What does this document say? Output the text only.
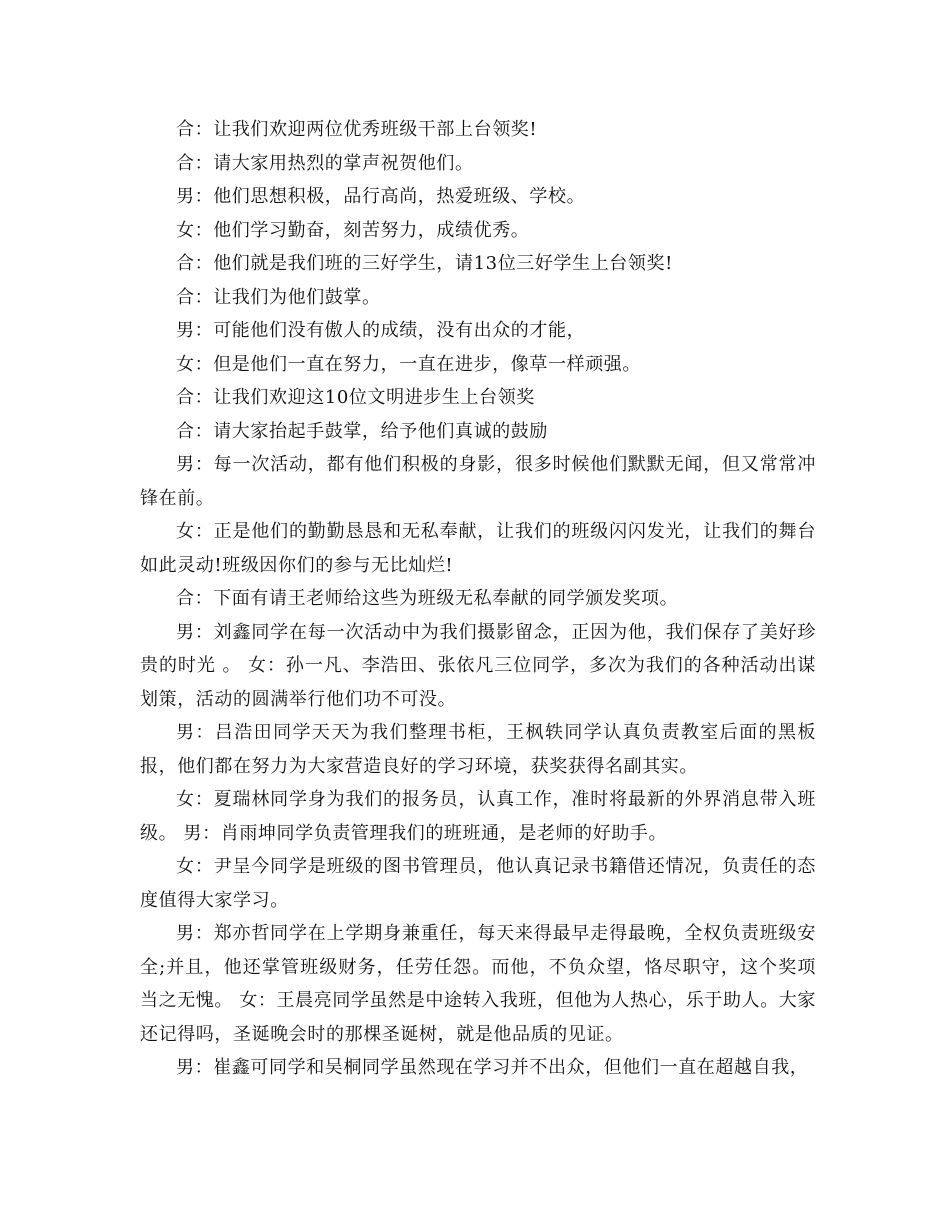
合：让我们欢迎两位优秀班级干部上台领奖!

合：请大家用热烈的掌声祝贺他们。

男：他们思想积极，品行高尚，热爱班级、学校。

女：他们学习勤奋，刻苦努力，成绩优秀。

合：他们就是我们班的三好学生，请13位三好学生上台领奖!

合：让我们为他们鼓掌。

男：可能他们没有傲人的成绩，没有出众的才能，

女：但是他们一直在努力，一直在进步，像草一样顽强。

合：让我们欢迎这10位文明进步生上台领奖

合：请大家抬起手鼓掌，给予他们真诚的鼓励

男：每一次活动，都有他们积极的身影，很多时候他们默默无闻，但又常常冲锋在前。

女：正是他们的勤勤恳恳和无私奉献，让我们的班级闪闪发光，让我们的舞台如此灵动!班级因你们的参与无比灿烂!

合：下面有请王老师给这些为班级无私奉献的同学颁发奖项。

男：刘鑫同学在每一次活动中为我们摄影留念，正因为他，我们保存了美好珍贵的时光 。 女：孙一凡、李浩田、张依凡三位同学，多次为我们的各种活动出谋划策，活动的圆满举行他们功不可没。

男：吕浩田同学天天为我们整理书柜，王枫轶同学认真负责教室后面的黑板报，他们都在努力为大家营造良好的学习环境，获奖获得名副其实。

女：夏瑞林同学身为我们的报务员，认真工作，准时将最新的外界消息带入班级。 男：肖雨坤同学负责管理我们的班班通，是老师的好助手。

女：尹呈今同学是班级的图书管理员，他认真记录书籍借还情况，负责任的态度值得大家学习。

男：郑亦哲同学在上学期身兼重任，每天来得最早走得最晚，全权负责班级安全;并且，他还掌管班级财务，任劳任怨。而他，不负众望，恪尽职守，这个奖项当之无愧。 女：王晨亮同学虽然是中途转入我班，但他为人热心，乐于助人。大家还记得吗，圣诞晚会时的那棵圣诞树，就是他品质的见证。

男：崔鑫可同学和吴桐同学虽然现在学习并不出众，但他们一直在超越自我，
